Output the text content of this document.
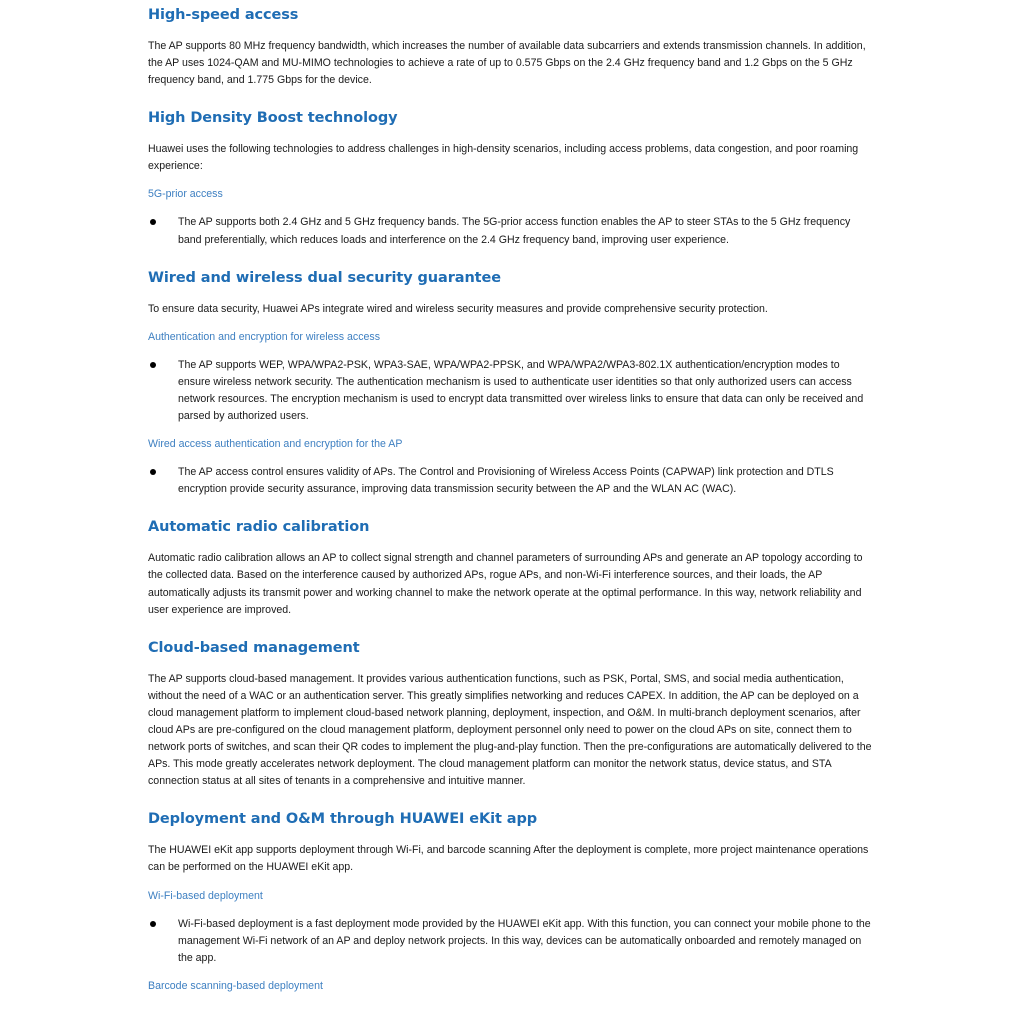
High-speed access

The AP supports 80 MHz frequency bandwidth, which increases the number of available data subcarriers and extends transmission channels. In addition, the AP uses 1024-QAM and MU-MIMO technologies to achieve a rate of up to 0.575 Gbps on the 2.4 GHz frequency band and 1.2 Gbps on the 5 GHz frequency band, and 1.775 Gbps for the device.

High Density Boost technology

Huawei uses the following technologies to address challenges in high-density scenarios, including access problems, data congestion, and poor roaming experience:

5G-prior access

The AP supports both 2.4 GHz and 5 GHz frequency bands. The 5G-prior access function enables the AP to steer STAs to the 5 GHz frequency band preferentially, which reduces loads and interference on the 2.4 GHz frequency band, improving user experience.

Wired and wireless dual security guarantee

To ensure data security, Huawei APs integrate wired and wireless security measures and provide comprehensive security protection.

Authentication and encryption for wireless access

The AP supports WEP, WPA/WPA2-PSK, WPA3-SAE, WPA/WPA2-PPSK, and WPA/WPA2/WPA3-802.1X authentication/encryption modes to ensure wireless network security. The authentication mechanism is used to authenticate user identities so that only authorized users can access network resources. The encryption mechanism is used to encrypt data transmitted over wireless links to ensure that data can only be received and parsed by authorized users.

Wired access authentication and encryption for the AP

The AP access control ensures validity of APs. The Control and Provisioning of Wireless Access Points (CAPWAP) link protection and DTLS encryption provide security assurance, improving data transmission security between the AP and the WLAN AC (WAC).

Automatic radio calibration

Automatic radio calibration allows an AP to collect signal strength and channel parameters of surrounding APs and generate an AP topology according to the collected data. Based on the interference caused by authorized APs, rogue APs, and non-Wi-Fi interference sources, and their loads, the AP automatically adjusts its transmit power and working channel to make the network operate at the optimal performance. In this way, network reliability and user experience are improved.

Cloud-based management

The AP supports cloud-based management. It provides various authentication functions, such as PSK, Portal, SMS, and social media authentication, without the need of a WAC or an authentication server. This greatly simplifies networking and reduces CAPEX. In addition, the AP can be deployed on a cloud management platform to implement cloud-based network planning, deployment, inspection, and O&M. In multi-branch deployment scenarios, after cloud APs are pre-configured on the cloud management platform, deployment personnel only need to power on the cloud APs on site, connect them to network ports of switches, and scan their QR codes to implement the plug-and-play function. Then the pre-configurations are automatically delivered to the APs. This mode greatly accelerates network deployment. The cloud management platform can monitor the network status, device status, and STA connection status at all sites of tenants in a comprehensive and intuitive manner.

Deployment and O&M through HUAWEI eKit app

The HUAWEI eKit app supports deployment through Wi-Fi, and barcode scanning After the deployment is complete, more project maintenance operations can be performed on the HUAWEI eKit app.

Wi-Fi-based deployment

Wi-Fi-based deployment is a fast deployment mode provided by the HUAWEI eKit app. With this function, you can connect your mobile phone to the management Wi-Fi network of an AP and deploy network projects. In this way, devices can be automatically onboarded and remotely managed on the app.

Barcode scanning-based deployment
